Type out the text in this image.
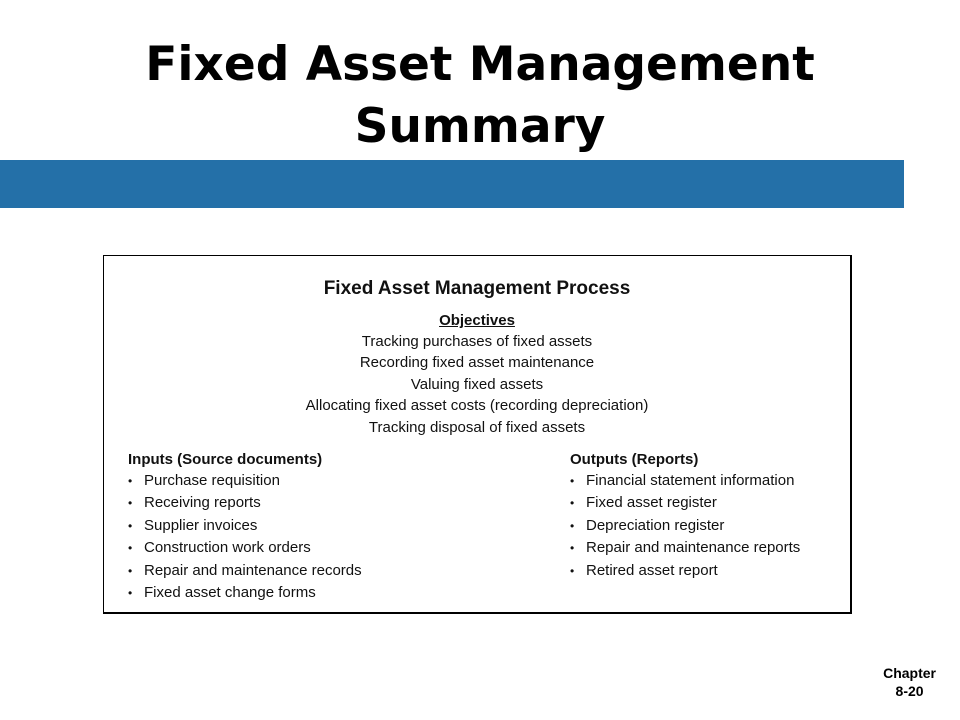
Fixed Asset Management Summary
Fixed Asset Management Process
Objectives
Tracking purchases of fixed assets
Recording fixed asset maintenance
Valuing fixed assets
Allocating fixed asset costs (recording depreciation)
Tracking disposal of fixed assets
Inputs (Source documents)
• Purchase requisition
• Receiving reports
• Supplier invoices
• Construction work orders
• Repair and maintenance records
• Fixed asset change forms
Outputs (Reports)
• Financial statement information
• Fixed asset register
• Depreciation register
• Repair and maintenance reports
• Retired asset report
Chapter
8-20
